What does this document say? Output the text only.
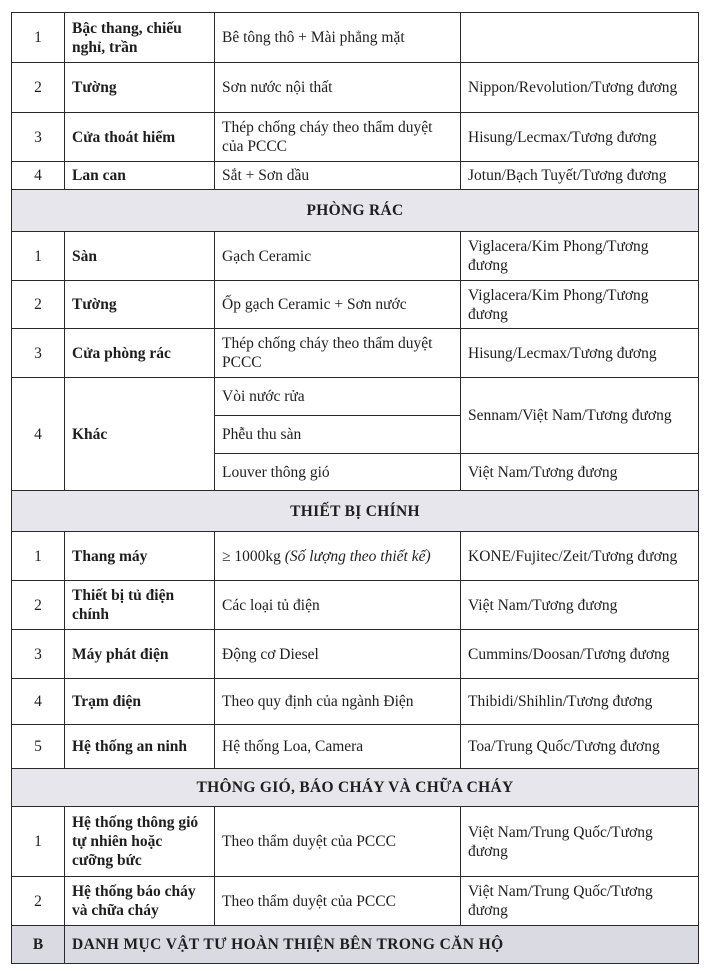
1	Bậc thang, chiếu nghỉ, trần	Bê tông thô + Mài phẳng mặt	
2	Tường	Sơn nước nội thất	Nippon/Revolution/Tương đương
3	Cửa thoát hiểm	Thép chống cháy theo thẩm duyệt của PCCC	Hisung/Lecmax/Tương đương
4	Lan can	Sắt + Sơn dầu	Jotun/Bạch Tuyết/Tương đương
PHÒNG RÁC			
1	Sàn	Gạch Ceramic	Viglacera/Kim Phong/Tương đương
2	Tường	Ốp gạch Ceramic + Sơn nước	Viglacera/Kim Phong/Tương đương
3	Cửa phòng rác	Thép chống cháy theo thẩm duyệt PCCC	Hisung/Lecmax/Tương đương
4	Khác	Vòi nước rửa	Sennam/Việt Nam/Tương đương
		Phễu thu sàn	
		Louver thông gió	Việt Nam/Tương đương
THIẾT BỊ CHÍNH			
1	Thang máy	≥ 1000kg (Số lượng theo thiết kế)	KONE/Fujitec/Zeit/Tương đương
2	Thiết bị tủ điện chính	Các loại tủ điện	Việt Nam/Tương đương
3	Máy phát điện	Động cơ Diesel	Cummins/Doosan/Tương đương
4	Trạm điện	Theo quy định của ngành Điện	Thibidi/Shihlin/Tương đương
5	Hệ thống an ninh	Hệ thống Loa, Camera	Toa/Trung Quốc/Tương đương
THÔNG GIÓ, BÁO CHÁY VÀ CHỮA CHÁY			
1	Hệ thống thông gió tự nhiên hoặc cưỡng bức	Theo thẩm duyệt của PCCC	Việt Nam/Trung Quốc/Tương đương
2	Hệ thống báo cháy và chữa cháy	Theo thẩm duyệt của PCCC	Việt Nam/Trung Quốc/Tương đương
B	DANH MỤC VẬT TƯ HOÀN THIỆN BÊN TRONG CĂN HỘ		
